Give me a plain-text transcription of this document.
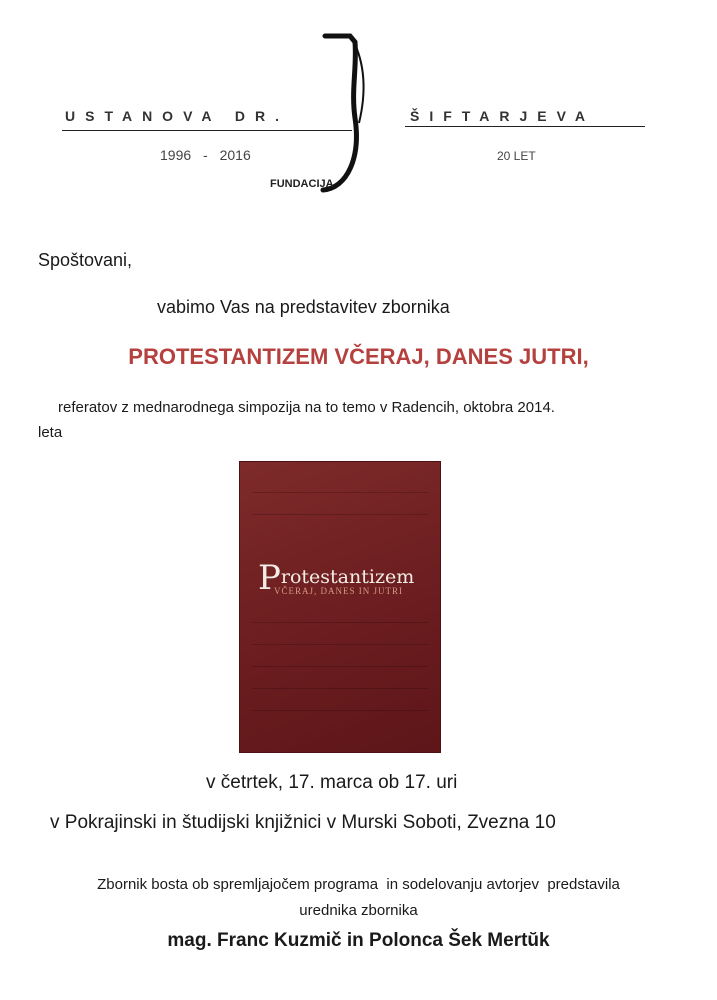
USTANOVA DR.	ŠIFTARJEVA
1996 - 2016	20 LET
FUNDACIJA
Spoštovani,
vabimo Vas na predstavitev zbornika
PROTESTANTIZEM VČERAJ, DANES JUTRI,
referatov z mednarodnega simpozija na to temo v Radencih, oktobra 2014.
leta
Protestantizem
VČERAJ, DANES IN JUTRI
v četrtek, 17. marca ob 17. uri
v Pokrajinski in študijski knjižnici v Murski Soboti, Zvezna 10
Zbornik bosta ob spremljajočem programa  in sodelovanju avtorjev  predstavila
urednika zbornika
mag. Franc Kuzmič in Polonca Šek Mertŭk
